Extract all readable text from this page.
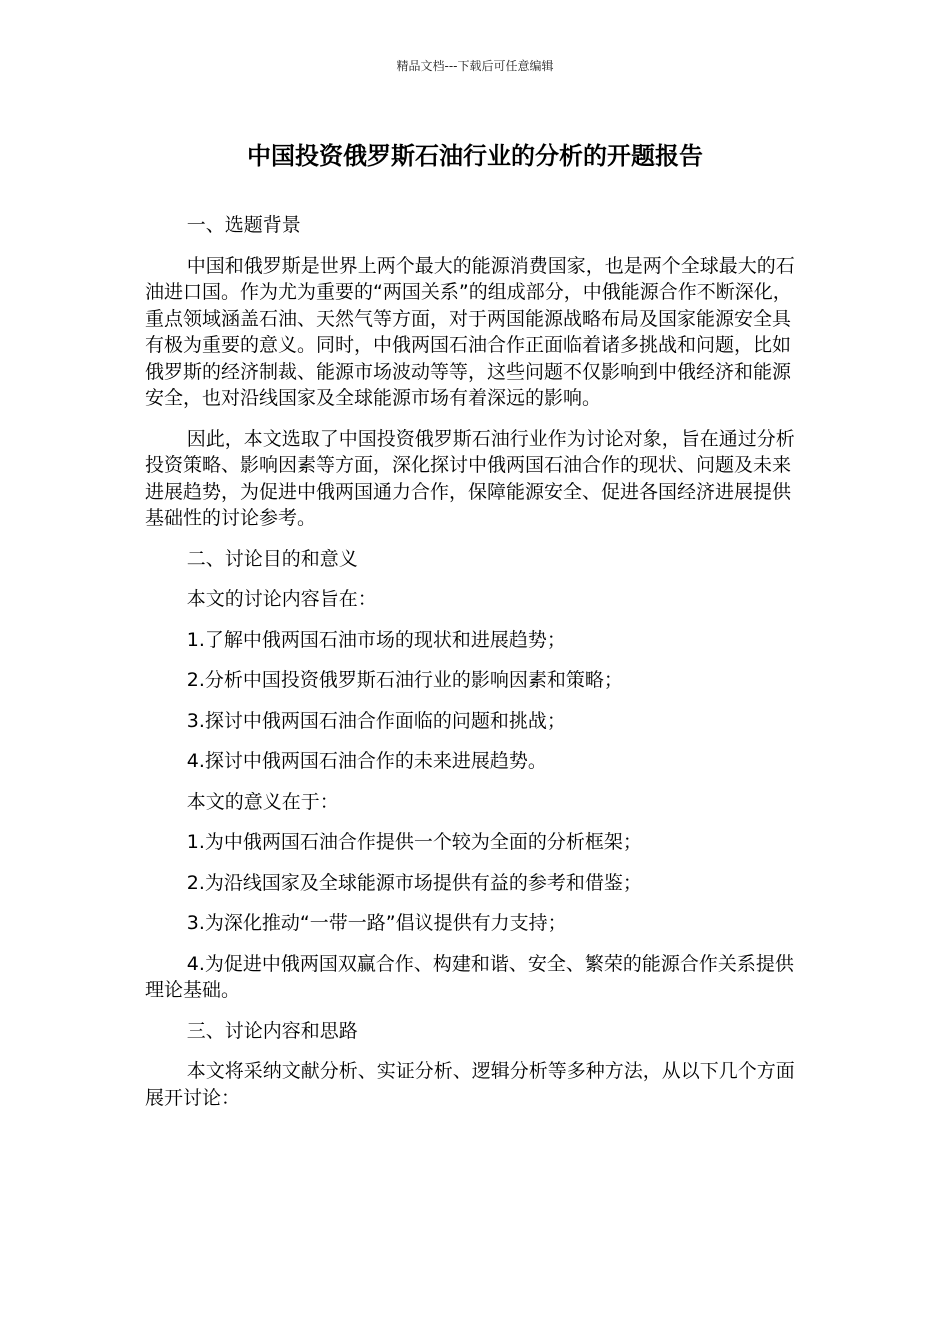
精品文档---下载后可任意编辑
中国投资俄罗斯石油行业的分析的开题报告

一、选题背景

中国和俄罗斯是世界上两个最大的能源消费国家，也是两个全球最大的石油进口国。作为尤为重要的“两国关系”的组成部分，中俄能源合作不断深化，重点领域涵盖石油、天然气等方面，对于两国能源战略布局及国家能源安全具有极为重要的意义。同时，中俄两国石油合作正面临着诸多挑战和问题，比如俄罗斯的经济制裁、能源市场波动等等，这些问题不仅影响到中俄经济和能源安全，也对沿线国家及全球能源市场有着深远的影响。

因此，本文选取了中国投资俄罗斯石油行业作为讨论对象，旨在通过分析投资策略、影响因素等方面，深化探讨中俄两国石油合作的现状、问题及未来进展趋势，为促进中俄两国通力合作，保障能源安全、促进各国经济进展提供基础性的讨论参考。

二、讨论目的和意义

本文的讨论内容旨在：

1.了解中俄两国石油市场的现状和进展趋势；

2.分析中国投资俄罗斯石油行业的影响因素和策略；

3.探讨中俄两国石油合作面临的问题和挑战；

4.探讨中俄两国石油合作的未来进展趋势。

本文的意义在于：

1.为中俄两国石油合作提供一个较为全面的分析框架；

2.为沿线国家及全球能源市场提供有益的参考和借鉴；

3.为深化推动“一带一路”倡议提供有力支持；

4.为促进中俄两国双赢合作、构建和谐、安全、繁荣的能源合作关系提供理论基础。

三、讨论内容和思路

本文将采纳文献分析、实证分析、逻辑分析等多种方法，从以下几个方面展开讨论：
